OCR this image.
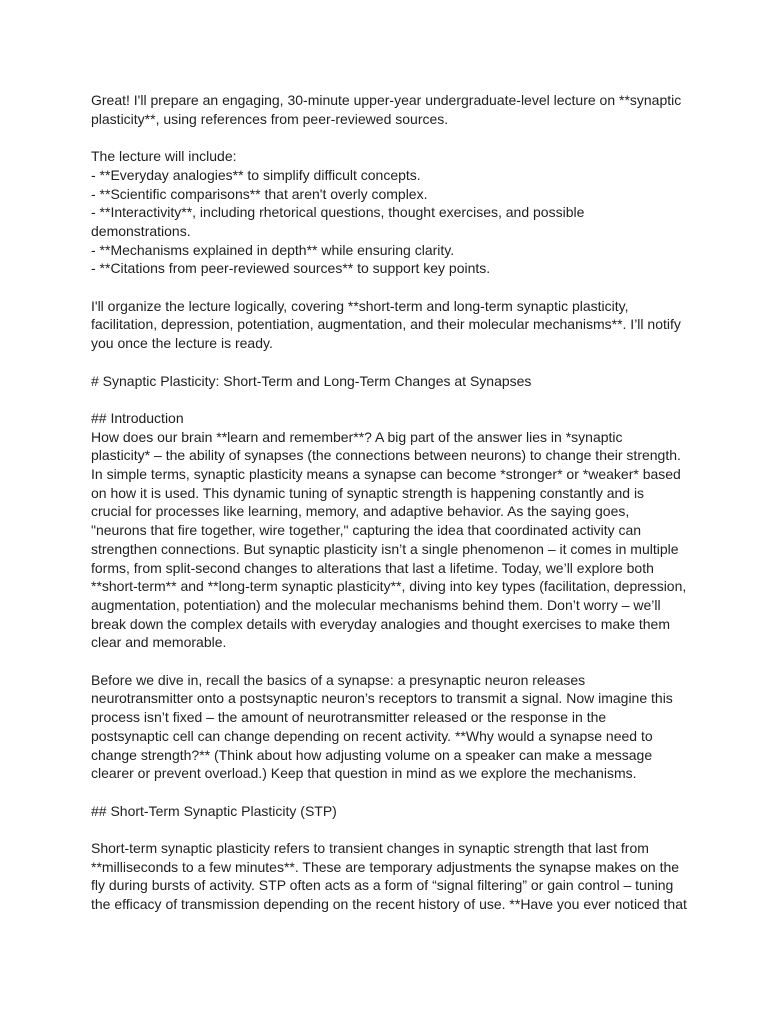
Great! I'll prepare an engaging, 30-minute upper-year undergraduate-level lecture on **synaptic
plasticity**, using references from peer-reviewed sources.
The lecture will include:
- **Everyday analogies** to simplify difficult concepts.
- **Scientific comparisons** that aren't overly complex.
- **Interactivity**, including rhetorical questions, thought exercises, and possible
demonstrations.
- **Mechanisms explained in depth** while ensuring clarity.
- **Citations from peer-reviewed sources** to support key points.
I'll organize the lecture logically, covering **short-term and long-term synaptic plasticity,
facilitation, depression, potentiation, augmentation, and their molecular mechanisms**. I’ll notify
you once the lecture is ready.
# Synaptic Plasticity: Short-Term and Long-Term Changes at Synapses
## Introduction
How does our brain **learn and remember**? A big part of the answer lies in *synaptic
plasticity* – the ability of synapses (the connections between neurons) to change their strength.
In simple terms, synaptic plasticity means a synapse can become *stronger* or *weaker* based
on how it is used. This dynamic tuning of synaptic strength is happening constantly and is
crucial for processes like learning, memory, and adaptive behavior. As the saying goes,
"neurons that fire together, wire together," capturing the idea that coordinated activity can
strengthen connections. But synaptic plasticity isn’t a single phenomenon – it comes in multiple
forms, from split-second changes to alterations that last a lifetime. Today, we’ll explore both
**short-term** and **long-term synaptic plasticity**, diving into key types (facilitation, depression,
augmentation, potentiation) and the molecular mechanisms behind them. Don’t worry – we’ll
break down the complex details with everyday analogies and thought exercises to make them
clear and memorable.
Before we dive in, recall the basics of a synapse: a presynaptic neuron releases
neurotransmitter onto a postsynaptic neuron’s receptors to transmit a signal. Now imagine this
process isn’t fixed – the amount of neurotransmitter released or the response in the
postsynaptic cell can change depending on recent activity. **Why would a synapse need to
change strength?** (Think about how adjusting volume on a speaker can make a message
clearer or prevent overload.) Keep that question in mind as we explore the mechanisms.
## Short-Term Synaptic Plasticity (STP)
Short-term synaptic plasticity refers to transient changes in synaptic strength that last from
**milliseconds to a few minutes**. These are temporary adjustments the synapse makes on the
fly during bursts of activity. STP often acts as a form of “signal filtering” or gain control – tuning
the efficacy of transmission depending on the recent history of use. **Have you ever noticed that
